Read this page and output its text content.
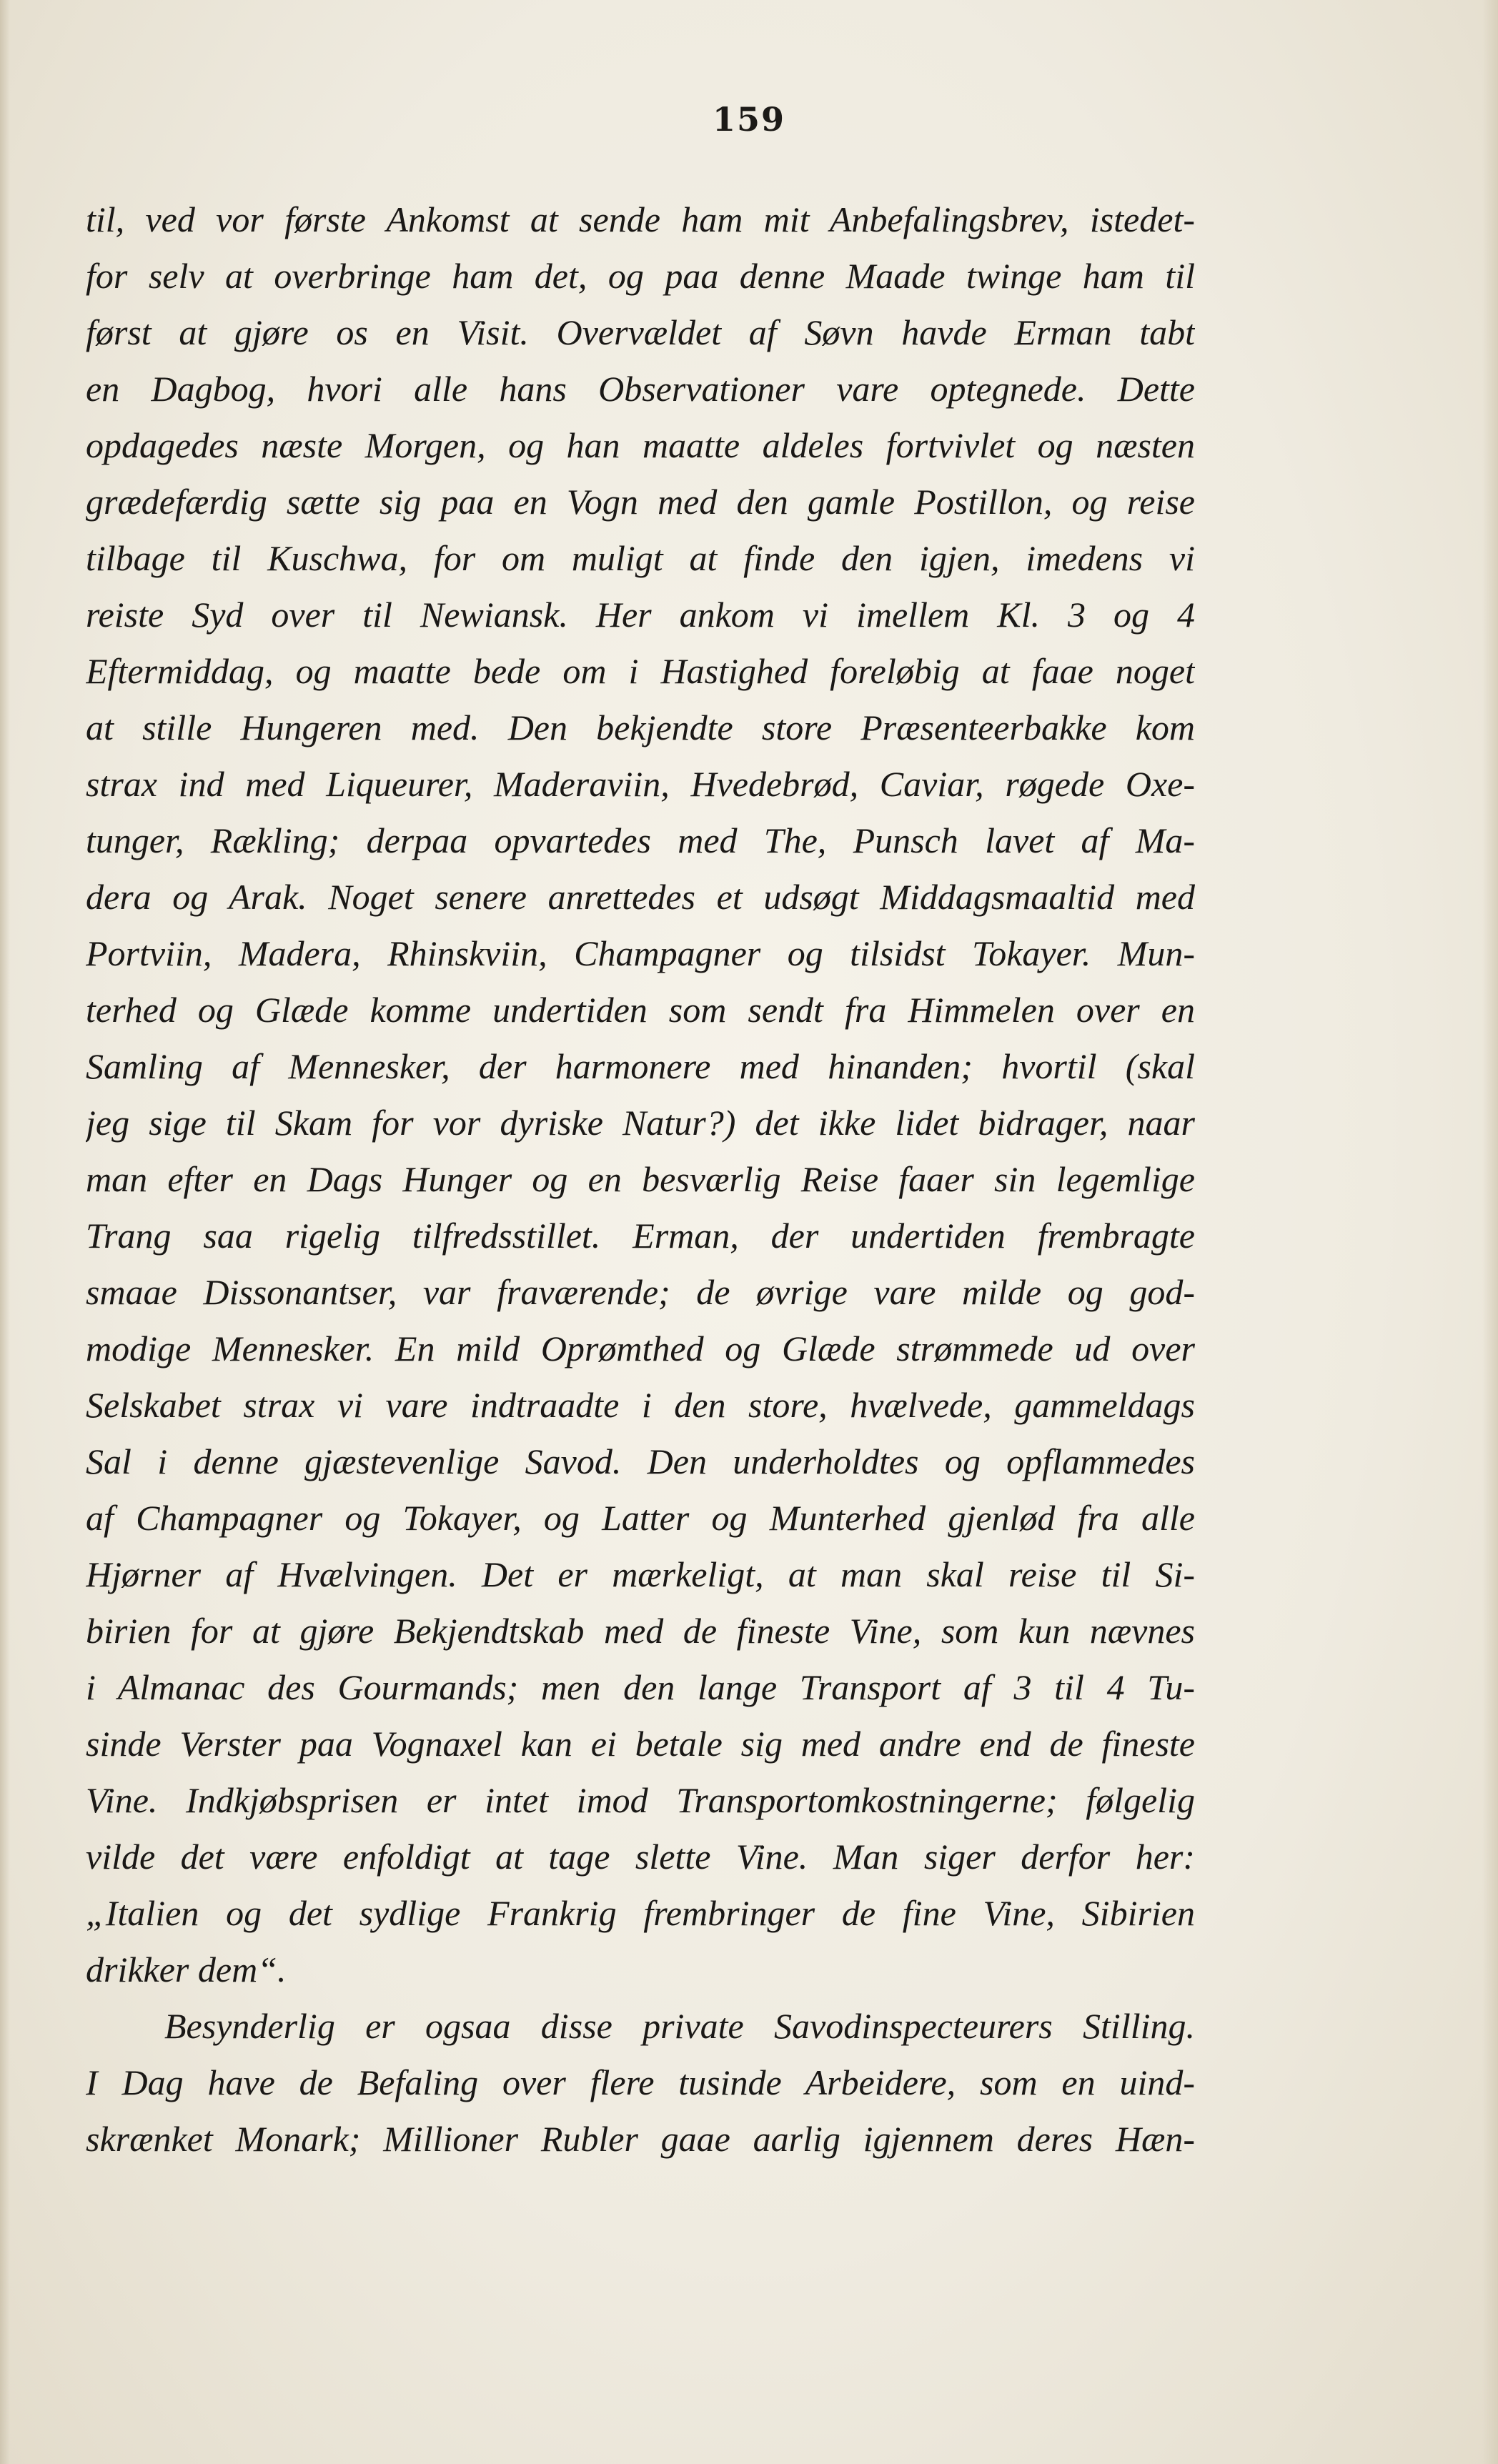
159
til, ved vor første Ankomst at sende ham mit Anbefalingsbrev, istedet-
for selv at overbringe ham det, og paa denne Maade twinge ham til
først at gjøre os en Visit. Overvældet af Søvn havde Erman tabt
en Dagbog, hvori alle hans Observationer vare optegnede. Dette
opdagedes næste Morgen, og han maatte aldeles fortvivlet og næsten
grædefærdig sætte sig paa en Vogn med den gamle Postillon, og reise
tilbage til Kuschwa, for om muligt at finde den igjen, imedens vi
reiste Syd over til Newiansk. Her ankom vi imellem Kl. 3 og 4
Eftermiddag, og maatte bede om i Hastighed foreløbig at faae noget
at stille Hungeren med. Den bekjendte store Præsenteerbakke kom
strax ind med Liqueurer, Maderaviin, Hvedebrød, Caviar, røgede Oxe-
tunger, Rækling; derpaa opvartedes med The, Punsch lavet af Ma-
dera og Arak. Noget senere anrettedes et udsøgt Middagsmaaltid med
Portviin, Madera, Rhinskviin, Champagner og tilsidst Tokayer. Mun-
terhed og Glæde komme undertiden som sendt fra Himmelen over en
Samling af Mennesker, der harmonere med hinanden; hvortil (skal
jeg sige til Skam for vor dyriske Natur?) det ikke lidet bidrager, naar
man efter en Dags Hunger og en besværlig Reise faaer sin legemlige
Trang saa rigelig tilfredsstillet. Erman, der undertiden frembragte
smaae Dissonantser, var fraværende; de øvrige vare milde og god-
modige Mennesker. En mild Oprømthed og Glæde strømmede ud over
Selskabet strax vi vare indtraadte i den store, hvælvede, gammeldags
Sal i denne gjæstevenlige Savod. Den underholdtes og opflammedes
af Champagner og Tokayer, og Latter og Munterhed gjenlød fra alle
Hjørner af Hvælvingen. Det er mærkeligt, at man skal reise til Si-
birien for at gjøre Bekjendtskab med de fineste Vine, som kun nævnes
i Almanac des Gourmands; men den lange Transport af 3 til 4 Tu-
sinde Verster paa Vognaxel kan ei betale sig med andre end de fineste
Vine. Indkjøbsprisen er intet imod Transportomkostningerne; følgelig
vilde det være enfoldigt at tage slette Vine. Man siger derfor her:
„Italien og det sydlige Frankrig frembringer de fine Vine, Sibirien
drikker dem“.
Besynderlig er ogsaa disse private Savodinspecteurers Stilling.
I Dag have de Befaling over flere tusinde Arbeidere, som en uind-
skrænket Monark; Millioner Rubler gaae aarlig igjennem deres Hæn-
